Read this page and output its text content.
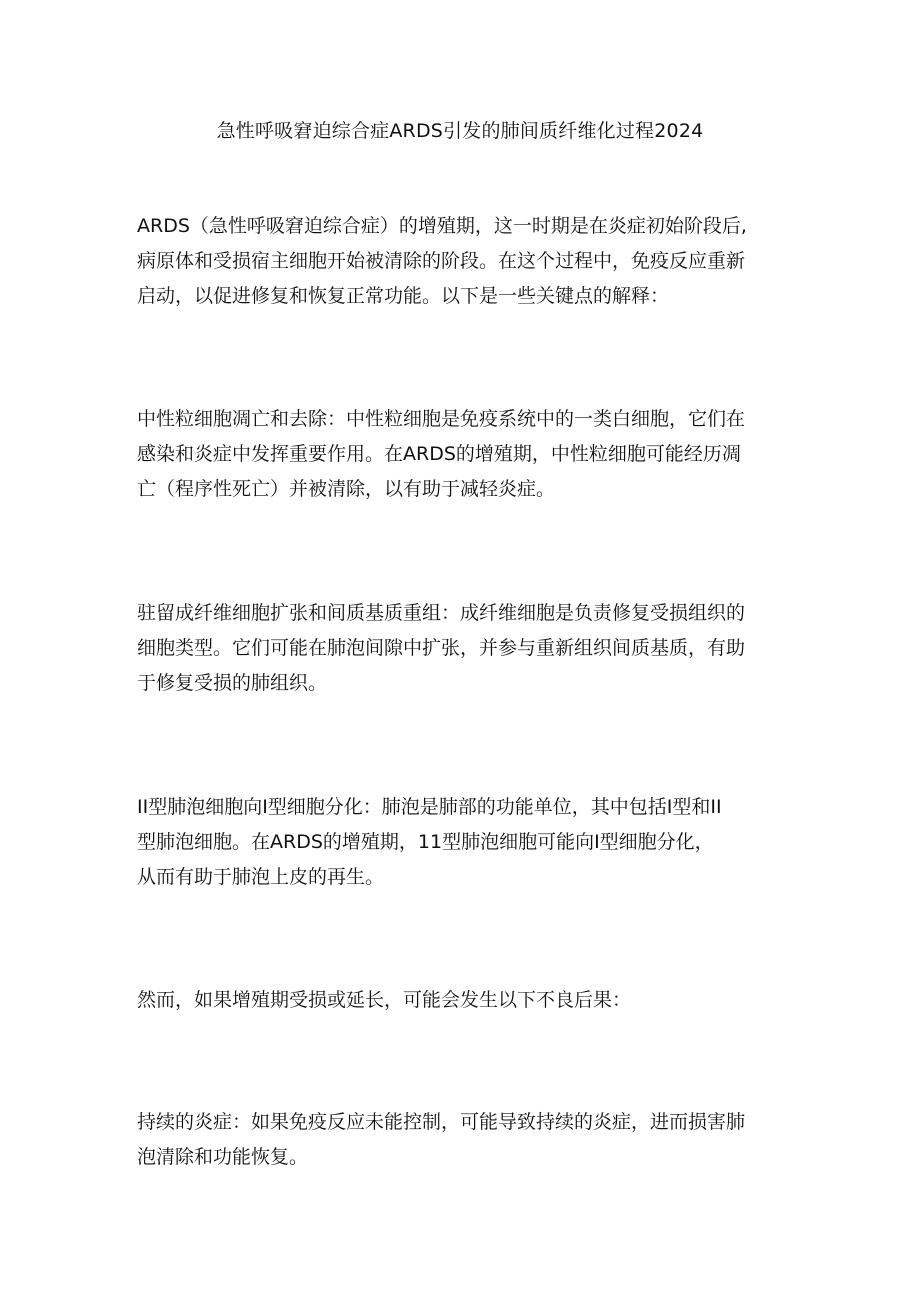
急性呼吸窘迫综合症ARDS引发的肺间质纤维化过程2024

ARDS（急性呼吸窘迫综合症）的增殖期，这一时期是在炎症初始阶段后,
病原体和受损宿主细胞开始被清除的阶段。在这个过程中，免疫反应重新
启动，以促进修复和恢复正常功能。以下是一些关键点的解释：

中性粒细胞凋亡和去除：中性粒细胞是免疫系统中的一类白细胞，它们在
感染和炎症中发挥重要作用。在ARDS的增殖期，中性粒细胞可能经历凋
亡（程序性死亡）并被清除，以有助于减轻炎症。

驻留成纤维细胞扩张和间质基质重组：成纤维细胞是负责修复受损组织的
细胞类型。它们可能在肺泡间隙中扩张，并参与重新组织间质基质，有助
于修复受损的肺组织。

II型肺泡细胞向I型细胞分化：肺泡是肺部的功能单位，其中包括I型和II
型肺泡细胞。在ARDS的增殖期，11型肺泡细胞可能向I型细胞分化，
从而有助于肺泡上皮的再生。

然而，如果增殖期受损或延长，可能会发生以下不良后果：

持续的炎症：如果免疫反应未能控制，可能导致持续的炎症，进而损害肺
泡清除和功能恢复。
